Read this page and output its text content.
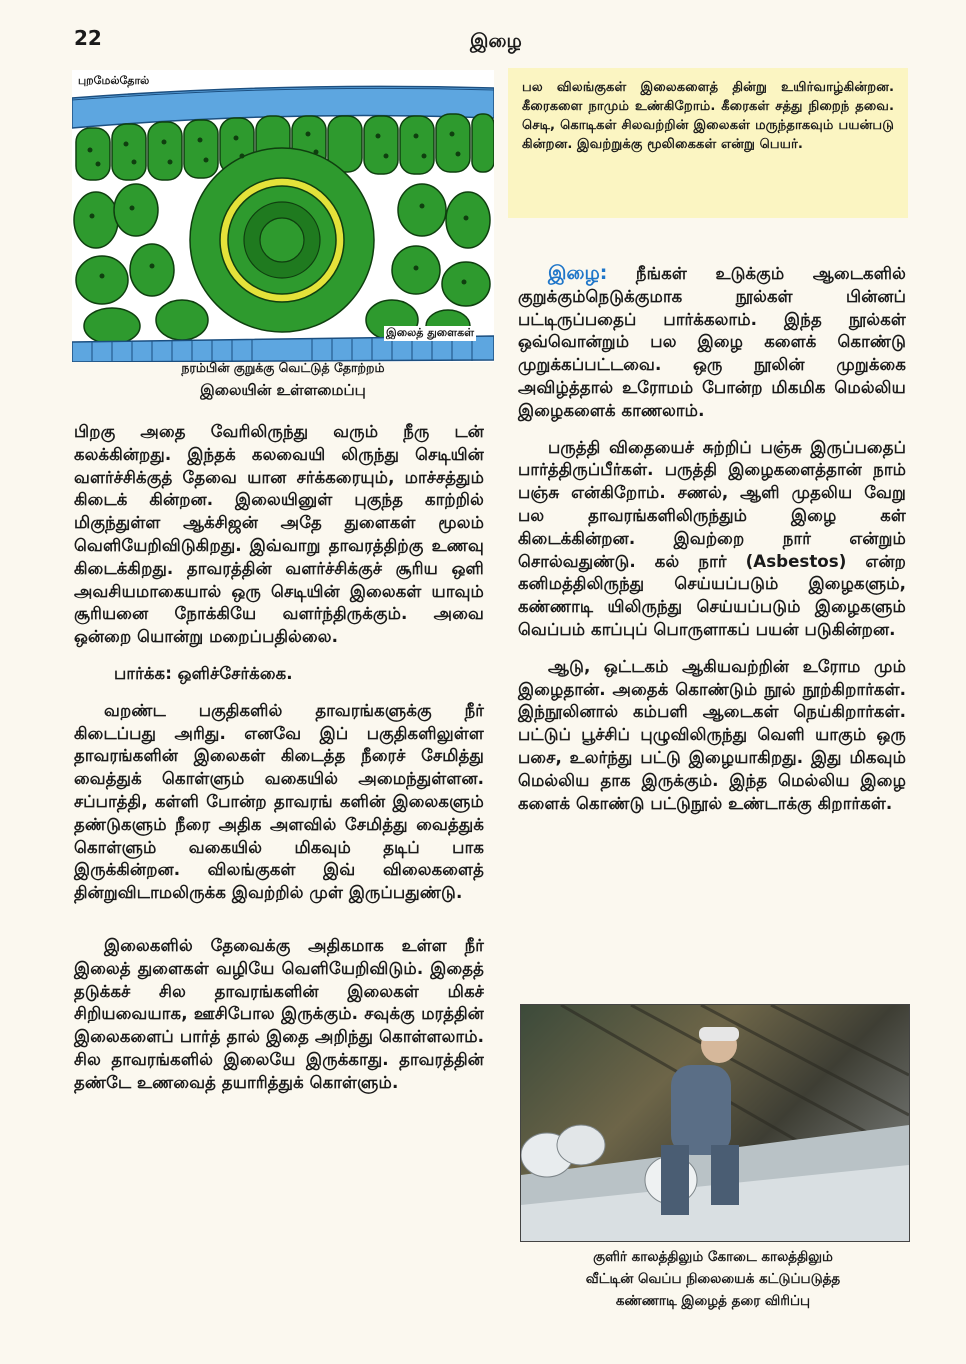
22	இழை
புறமேல்தோல்
இலைத் துளைகள்
நரம்பின் குறுக்கு வெட்டுத் தோற்றம்
இலையின் உள்ளமைப்பு

பல விலங்குகள் இலைகளைத் தின்று உயிர்வாழ்கின்றன. கீரைகளை நாமும் உண்கிறோம். கீரைகள் சத்து நிறைந் தவை. செடி, கொடிகள் சிலவற்றின் இலைகள் மருந்தாகவும் பயன்படு கின்றன. இவற்றுக்கு மூலிகைகள் என்று பெயர்.

பிறகு அதை வேரிலிருந்து வரும் நீரு டன் கலக்கின்றது. இந்தக் கலவையி லிருந்து செடியின் வளர்ச்சிக்குத் தேவை யான சர்க்கரையும், மாச்சத்தும் கிடைக் கின்றன. இலையினுள் புகுந்த காற்றில் மிகுந்துள்ள ஆக்சிஜன் அதே துளைகள் மூலம் வெளியேறிவிடுகிறது. இவ்வாறு தாவரத்திற்கு உணவு கிடைக்கிறது. தாவரத்தின் வளர்ச்சிக்குச் சூரிய ஒளி அவசியமாகையால் ஒரு செடியின் இலைகள் யாவும் சூரியனை நோக்கியே வளர்ந்திருக்கும். அவை ஒன்றை யொன்று மறைப்பதில்லை.

பார்க்க: ஒளிச்சேர்க்கை.

வறண்ட பகுதிகளில் தாவரங்களுக்கு நீர் கிடைப்பது அரிது. எனவே இப் பகுதிகளிலுள்ள தாவரங்களின் இலைகள் கிடைத்த நீரைச் சேமித்து வைத்துக் கொள்ளும் வகையில் அமைந்துள்ளன. சப்பாத்தி, கள்ளி போன்ற தாவரங் களின் இலைகளும் தண்டுகளும் நீரை அதிக அளவில் சேமித்து வைத்துக் கொள்ளும் வகையில் மிகவும் தடிப் பாக இருக்கின்றன. விலங்குகள் இவ் விலைகளைத் தின்றுவிடாமலிருக்க இவற்றில் முள் இருப்பதுண்டு.

இலைகளில் தேவைக்கு அதிகமாக உள்ள நீர் இலைத் துளைகள் வழியே வெளியேறிவிடும். இதைத் தடுக்கச் சில தாவரங்களின் இலைகள் மிகச் சிறியவையாக, ஊசிபோல இருக்கும். சவுக்கு மரத்தின் இலைகளைப் பார்த் தால் இதை அறிந்து கொள்ளலாம். சில தாவரங்களில் இலையே இருக்காது. தாவரத்தின் தண்டே உணவைத் தயாரித்துக் கொள்ளும்.

இழை: நீங்கள் உடுக்கும் ஆடைகளில் குறுக்கும்நெடுக்குமாக நூல்கள் பின்னப் பட்டிருப்பதைப் பார்க்கலாம். இந்த நூல்கள் ஒவ்வொன்றும் பல இழை களைக் கொண்டு முறுக்கப்பட்டவை. ஒரு நூலின் முறுக்கை அவிழ்த்தால் உரோமம் போன்ற மிகமிக மெல்லிய இழைகளைக் காணலாம்.

பருத்தி விதையைச் சுற்றிப் பஞ்சு இருப்பதைப் பார்த்திருப்பீர்கள். பருத்தி இழைகளைத்தான் நாம் பஞ்சு என்கிறோம். சணல், ஆளி முதலிய வேறு பல தாவரங்களிலிருந்தும் இழை கள் கிடைக்கின்றன. இவற்றை நார் என்றும் சொல்வதுண்டு. கல் நார் (Asbestos) என்ற கனிமத்திலிருந்து செய்யப்படும் இழைகளும், கண்ணாடி யிலிருந்து செய்யப்படும் இழைகளும் வெப்பம் காப்புப் பொருளாகப் பயன் படுகின்றன.

ஆடு, ஒட்டகம் ஆகியவற்றின் உரோம மும் இழைதான். அதைக் கொண்டும் நூல் நூற்கிறார்கள். இந்நூலினால் கம்பளி ஆடைகள் நெய்கிறார்கள். பட்டுப் பூச்சிப் புழுவிலிருந்து வெளி யாகும் ஒரு பசை, உலர்ந்து பட்டு இழையாகிறது. இது மிகவும் மெல்லிய தாக இருக்கும். இந்த மெல்லிய இழை களைக் கொண்டு பட்டுநூல் உண்டாக்கு கிறார்கள்.

குளிர் காலத்திலும் கோடை காலத்திலும்
வீட்டின் வெப்ப நிலையைக் கட்டுப்படுத்த
கண்ணாடி இழைத் தரை விரிப்பு
